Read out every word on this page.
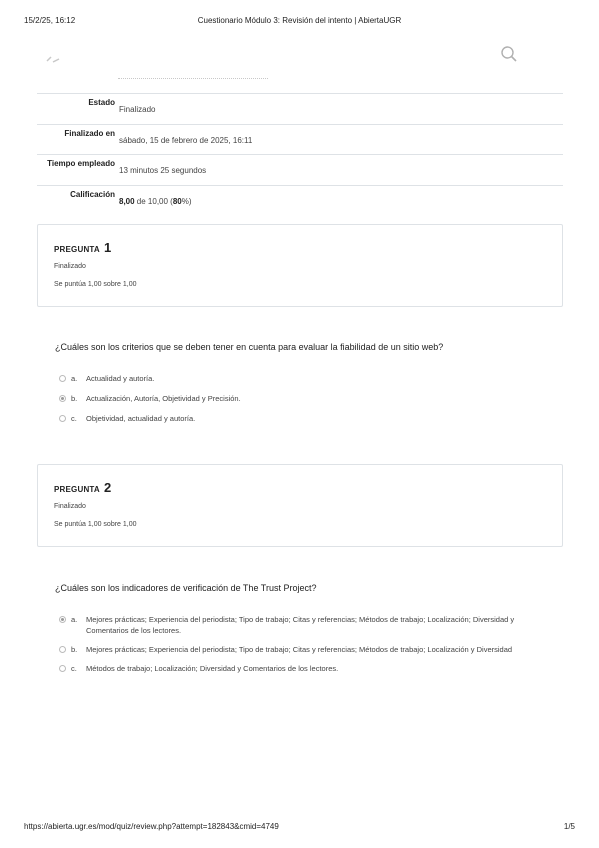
15/2/25, 16:12	Cuestionario Módulo 3: Revisión del intento | AbiertaUGR
Estado
Finalizado
Finalizado en
sábado, 15 de febrero de 2025, 16:11
Tiempo empleado
13 minutos 25 segundos
Calificación
8,00 de 10,00 (80%)
PREGUNTA 1
Finalizado
Se puntúa 1,00 sobre 1,00
¿Cuáles son los criterios que se deben tener en cuenta para evaluar la fiabilidad de un sitio web?
a. Actualidad y autoría.
b. Actualización, Autoría, Objetividad y Precisión.
c. Objetividad, actualidad y autoría.
PREGUNTA 2
Finalizado
Se puntúa 1,00 sobre 1,00
¿Cuáles son los indicadores de verificación de The Trust Project?
a. Mejores prácticas; Experiencia del periodista; Tipo de trabajo; Citas y referencias; Métodos de trabajo; Localización; Diversidad y Comentarios de los lectores.
b. Mejores prácticas; Experiencia del periodista; Tipo de trabajo; Citas y referencias; Métodos de trabajo; Localización y Diversidad
c. Métodos de trabajo; Localización; Diversidad y Comentarios de los lectores.
https://abierta.ugr.es/mod/quiz/review.php?attempt=182843&cmid=4749	1/5
